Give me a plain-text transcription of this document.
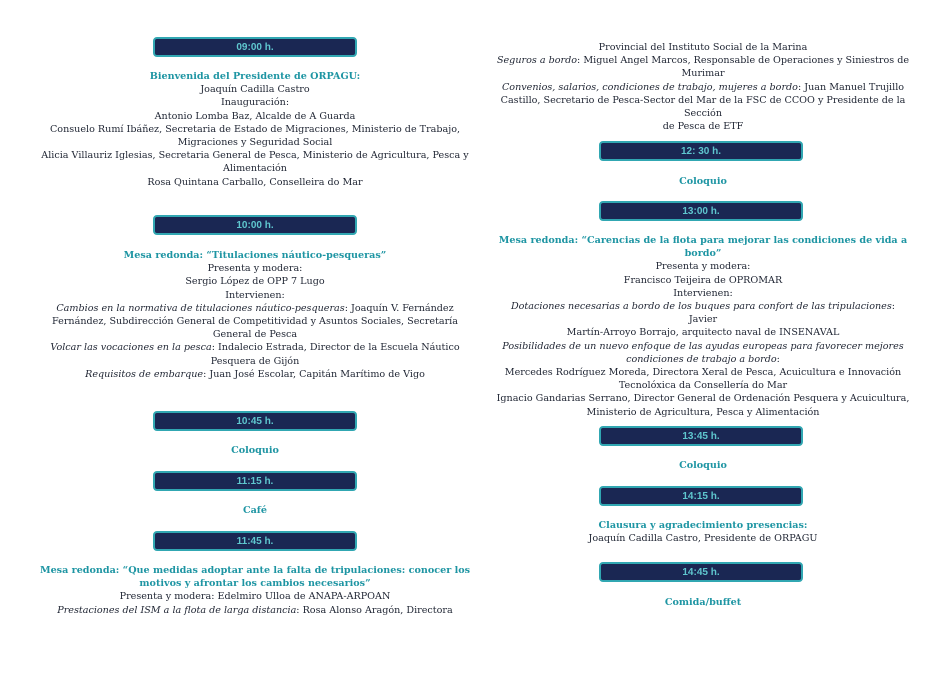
09:00 h.
Bienvenida del Presidente de ORPAGU:
Joaquín Cadilla Castro
Inauguración:
Antonio Lomba Baz, Alcalde de A Guarda
Consuelo Rumí Ibáñez, Secretaria de Estado de Migraciones, Ministerio de Trabajo,
Migraciones y Seguridad Social
Alicia Villauriz Iglesias, Secretaria General de Pesca, Ministerio de Agricultura, Pesca y
Alimentación
Rosa Quintana Carballo, Conselleira do Mar
10:00 h.
Mesa redonda: “Titulaciones náutico-pesqueras”
Presenta y modera:
Sergio López de OPP 7 Lugo
Intervienen:
Cambios en la normativa de titulaciones náutico-pesqueras: Joaquín V. Fernández
Fernández, Subdirección General de Competitividad y Asuntos Sociales, Secretaría
General de Pesca
Volcar las vocaciones en la pesca: Indalecio Estrada, Director de la Escuela Náutico
Pesquera de Gijón
Requisitos de embarque: Juan José Escolar, Capitán Marítimo de Vigo
10:45 h.
Coloquio
11:15 h.
Café
11:45 h.
Mesa redonda: “Que medidas adoptar ante la falta de tripulaciones: conocer los
motivos y afrontar los cambios necesarios”
Presenta y modera: Edelmiro Ulloa de ANAPA-ARPOAN
Prestaciones del ISM a la flota de larga distancia: Rosa Alonso Aragón, Directora
Provincial del Instituto Social de la Marina
Seguros a bordo: Miguel Angel Marcos, Responsable de Operaciones y Siniestros de
Murimar
Convenios, salarios, condiciones de trabajo, mujeres a bordo: Juan Manuel Trujillo
Castillo, Secretario de Pesca-Sector del Mar de la FSC de CCOO y Presidente de la Sección
de Pesca de ETF
12: 30 h.
Coloquio
13:00 h.
Mesa redonda: “Carencias de la flota para mejorar las condiciones de vida a bordo”
Presenta y modera:
Francisco Teijeira de OPROMAR
Intervienen:
Dotaciones necesarias a bordo de los buques para confort de las tripulaciones: Javier
Martín-Arroyo Borrajo, arquitecto naval de INSENAVAL
Posibilidades de un nuevo enfoque de las ayudas europeas para favorecer mejores
condiciones de trabajo a bordo:
Mercedes Rodríguez Moreda, Directora Xeral de Pesca, Acuicultura e Innovación
Tecnolóxica da Consellería do Mar
Ignacio Gandarias Serrano, Director General de Ordenación Pesquera y Acuicultura,
Ministerio de Agricultura, Pesca y Alimentación
13:45 h.
Coloquio
14:15 h.
Clausura y agradecimiento presencias:
Joaquín Cadilla Castro, Presidente de ORPAGU
14:45 h.
Comida/buffet
